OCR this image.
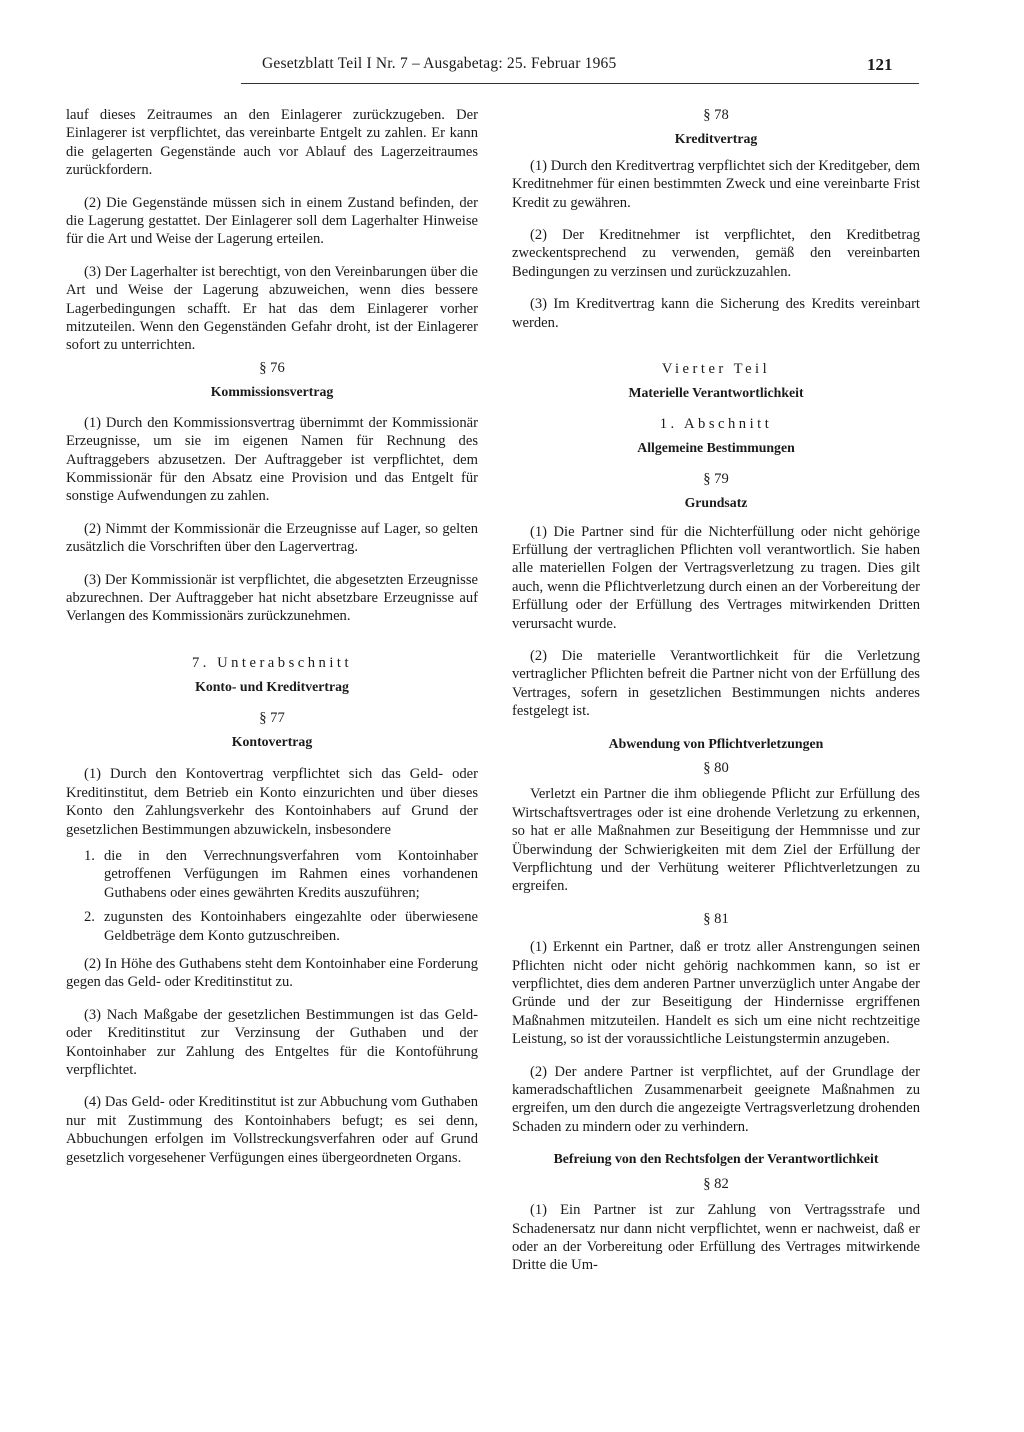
Gesetzblatt Teil I Nr. 7 – Ausgabetag: 25. Februar 1965	121

lauf dieses Zeitraumes an den Einlagerer zurückzugeben. Der Einlagerer ist verpflichtet, das vereinbarte Entgelt zu zahlen. Er kann die gelagerten Gegenstände auch vor Ablauf des Lagerzeitraumes zurückfordern.

(2) Die Gegenstände müssen sich in einem Zustand befinden, der die Lagerung gestattet. Der Einlagerer soll dem Lagerhalter Hinweise für die Art und Weise der Lagerung erteilen.

(3) Der Lagerhalter ist berechtigt, von den Vereinbarungen über die Art und Weise der Lagerung abzuweichen, wenn dies bessere Lagerbedingungen schafft. Er hat das dem Einlagerer vorher mitzuteilen. Wenn den Gegenständen Gefahr droht, ist der Einlagerer sofort zu unterrichten.

§ 76
Kommissionsvertrag

(1) Durch den Kommissionsvertrag übernimmt der Kommissionär Erzeugnisse, um sie im eigenen Namen für Rechnung des Auftraggebers abzusetzen. Der Auftraggeber ist verpflichtet, dem Kommissionär für den Absatz eine Provision und das Entgelt für sonstige Aufwendungen zu zahlen.

(2) Nimmt der Kommissionär die Erzeugnisse auf Lager, so gelten zusätzlich die Vorschriften über den Lagervertrag.

(3) Der Kommissionär ist verpflichtet, die abgesetzten Erzeugnisse abzurechnen. Der Auftraggeber hat nicht absetzbare Erzeugnisse auf Verlangen des Kommissionärs zurückzunehmen.

7. Unterabschnitt
Konto- und Kreditvertrag
§ 77
Kontovertrag

(1) Durch den Kontovertrag verpflichtet sich das Geld- oder Kreditinstitut, dem Betrieb ein Konto einzurichten und über dieses Konto den Zahlungsverkehr des Kontoinhabers auf Grund der gesetzlichen Bestimmungen abzuwickeln, insbesondere

1. die in den Verrechnungsverfahren vom Kontoinhaber getroffenen Verfügungen im Rahmen eines vorhandenen Guthabens oder eines gewährten Kredits auszuführen;
2. zugunsten des Kontoinhabers eingezahlte oder überwiesene Geldbeträge dem Konto gutzuschreiben.

(2) In Höhe des Guthabens steht dem Kontoinhaber eine Forderung gegen das Geld- oder Kreditinstitut zu.

(3) Nach Maßgabe der gesetzlichen Bestimmungen ist das Geld- oder Kreditinstitut zur Verzinsung der Guthaben und der Kontoinhaber zur Zahlung des Entgeltes für die Kontoführung verpflichtet.

(4) Das Geld- oder Kreditinstitut ist zur Abbuchung vom Guthaben nur mit Zustimmung des Kontoinhabers befugt; es sei denn, Abbuchungen erfolgen im Vollstreckungsverfahren oder auf Grund gesetzlich vorgesehener Verfügungen eines übergeordneten Organs.

§ 78
Kreditvertrag

(1) Durch den Kreditvertrag verpflichtet sich der Kreditgeber, dem Kreditnehmer für einen bestimmten Zweck und eine vereinbarte Frist Kredit zu gewähren.

(2) Der Kreditnehmer ist verpflichtet, den Kreditbetrag zweckentsprechend zu verwenden, gemäß den vereinbarten Bedingungen zu verzinsen und zurückzuzahlen.

(3) Im Kreditvertrag kann die Sicherung des Kredits vereinbart werden.

Vierter Teil
Materielle Verantwortlichkeit
1. Abschnitt
Allgemeine Bestimmungen
§ 79
Grundsatz

(1) Die Partner sind für die Nichterfüllung oder nicht gehörige Erfüllung der vertraglichen Pflichten voll verantwortlich. Sie haben alle materiellen Folgen der Vertragsverletzung zu tragen. Dies gilt auch, wenn die Pflichtverletzung durch einen an der Vorbereitung der Erfüllung oder der Erfüllung des Vertrages mitwirkenden Dritten verursacht wurde.

(2) Die materielle Verantwortlichkeit für die Verletzung vertraglicher Pflichten befreit die Partner nicht von der Erfüllung des Vertrages, sofern in gesetzlichen Bestimmungen nichts anderes festgelegt ist.

Abwendung von Pflichtverletzungen
§ 80

Verletzt ein Partner die ihm obliegende Pflicht zur Erfüllung des Wirtschaftsvertrages oder ist eine drohende Verletzung zu erkennen, so hat er alle Maßnahmen zur Beseitigung der Hemmnisse und zur Überwindung der Schwierigkeiten mit dem Ziel der Erfüllung der Verpflichtung und der Verhütung weiterer Pflichtverletzungen zu ergreifen.

§ 81

(1) Erkennt ein Partner, daß er trotz aller Anstrengungen seinen Pflichten nicht oder nicht gehörig nachkommen kann, so ist er verpflichtet, dies dem anderen Partner unverzüglich unter Angabe der Gründe und der zur Beseitigung der Hindernisse ergriffenen Maßnahmen mitzuteilen. Handelt es sich um eine nicht rechtzeitige Leistung, so ist der voraussichtliche Leistungstermin anzugeben.

(2) Der andere Partner ist verpflichtet, auf der Grundlage der kameradschaftlichen Zusammenarbeit geeignete Maßnahmen zu ergreifen, um den durch die angezeigte Vertragsverletzung drohenden Schaden zu mindern oder zu verhindern.

Befreiung von den Rechtsfolgen der Verantwortlichkeit
§ 82

(1) Ein Partner ist zur Zahlung von Vertragsstrafe und Schadenersatz nur dann nicht verpflichtet, wenn er nachweist, daß er oder an der Vorbereitung oder Erfüllung des Vertrages mitwirkende Dritte die Um-
